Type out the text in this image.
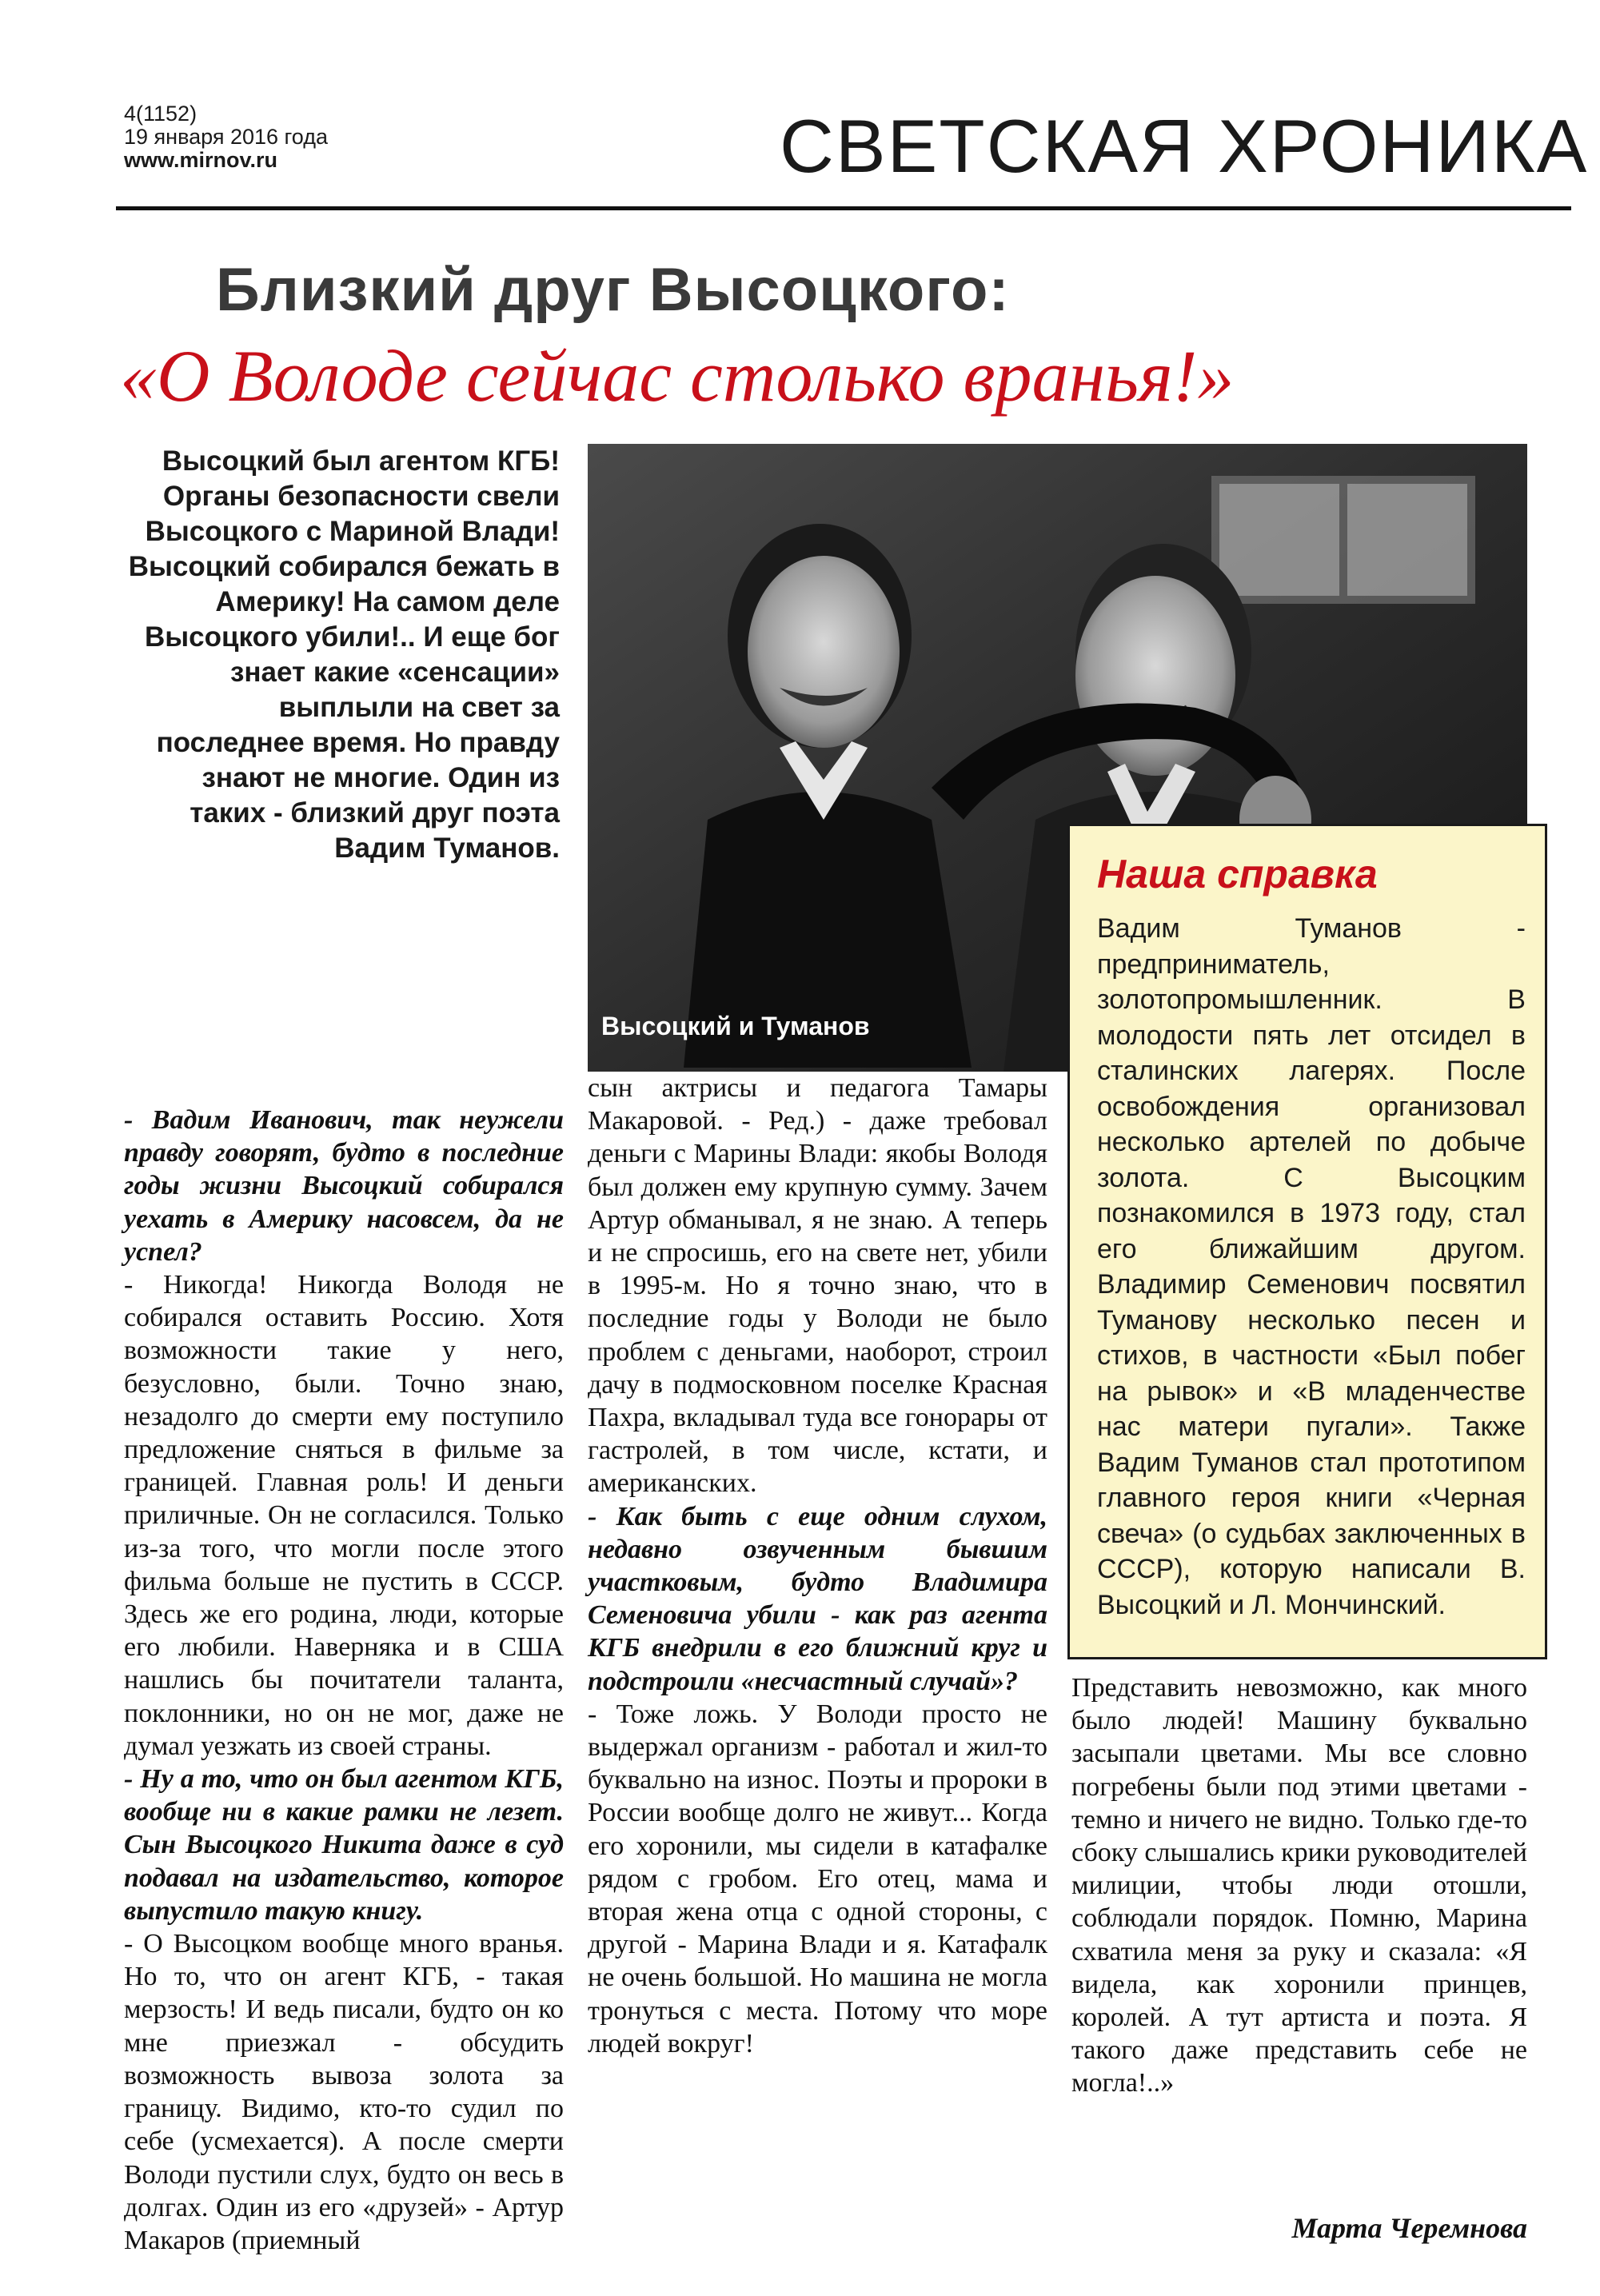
4(1152)
19 января 2016 года
www.mirnov.ru	СВЕТСКАЯ ХРОНИКА
Близкий друг Высоцкого:
«О Володе сейчас столько вранья!»
Высоцкий был агентом КГБ! Органы безопасности свели Высоцкого с Мариной Влади! Высоцкий собирался бежать в Америку! На самом деле Высоцкого убили!.. И еще бог знает какие «сенсации» выплыли на свет за последнее время. Но правду знают не многие. Один из таких - близкий друг поэта Вадим Туманов.
Высоцкий и Туманов
Наша справка
Вадим Туманов - предприниматель, золотопромышленник. В молодости пять лет отсидел в сталинских лагерях. После освобождения организовал несколько артелей по добыче золота. С Высоцким познакомился в 1973 году, стал его ближайшим другом. Владимир Семенович посвятил Туманову несколько песен и стихов, в частности «Был побег на рывок» и «В младенчестве нас матери пугали». Также Вадим Туманов стал прототипом главного героя книги «Черная свеча» (о судьбах заключенных в СССР), которую написали В. Высоцкий и Л. Мончинский.

- Вадим Иванович, так неужели правду говорят, будто в последние годы жизни Высоцкий собирался уехать в Америку насовсем, да не успел?

- Никогда! Никогда Володя не собирался оставить Россию. Хотя возможности такие у него, безусловно, были. Точно знаю, незадолго до смерти ему поступило предложение сняться в фильме за границей. Главная роль! И деньги приличные. Он не согласился. Только из-за того, что могли после этого фильма больше не пустить в СССР. Здесь же его родина, люди, которые его любили. Наверняка и в США нашлись бы почитатели таланта, поклонники, но он не мог, даже не думал уезжать из своей страны.

- Ну а то, что он был агентом КГБ, вообще ни в какие рамки не лезет. Сын Высоцкого Никита даже в суд подавал на издательство, которое выпустило такую книгу.

- О Высоцком вообще много вранья. Но то, что он агент КГБ, - такая мерзость! И ведь писали, будто он ко мне приезжал - обсудить возможность вывоза золота за границу. Видимо, кто-то судил по себе (усмехается). А после смерти Володи пустили слух, будто он весь в долгах. Один из его «друзей» - Артур Макаров (приемный

сын актрисы и педагога Тамары Макаровой. - Ред.) - даже требовал деньги с Марины Влади: якобы Володя был должен ему крупную сумму. Зачем Артур обманывал, я не знаю. А теперь и не спросишь, его на свете нет, убили в 1995-м. Но я точно знаю, что в последние годы у Володи не было проблем с деньгами, наоборот, строил дачу в подмосковном поселке Красная Пахра, вкладывал туда все гонорары от гастролей, в том числе, кстати, и американских.

- Как быть с еще одним слухом, недавно озвученным бывшим участковым, будто Владимира Семеновича убили - как раз агента КГБ внедрили в его ближний круг и подстроили «несчастный случай»?

- Тоже ложь. У Володи просто не выдержал организм - работал и жил-то буквально на износ. Поэты и пророки в России вообще долго не живут... Когда его хоронили, мы сидели в катафалке рядом с гробом. Его отец, мама и вторая жена отца с одной стороны, с другой - Марина Влади и я. Катафалк не очень большой. Но машина не могла тронуться с места. Потому что море людей вокруг!

Представить невозможно, как много было людей! Машину буквально засыпали цветами. Мы все словно погребены были под этими цветами - темно и ничего не видно. Только где-то сбоку слышались крики руководителей милиции, чтобы люди отошли, соблюдали порядок. Помню, Марина схватила меня за руку и сказала: «Я видела, как хоронили принцев, королей. А тут артиста и поэта. Я такого даже представить себе не могла!..»

Марта Черемнова
